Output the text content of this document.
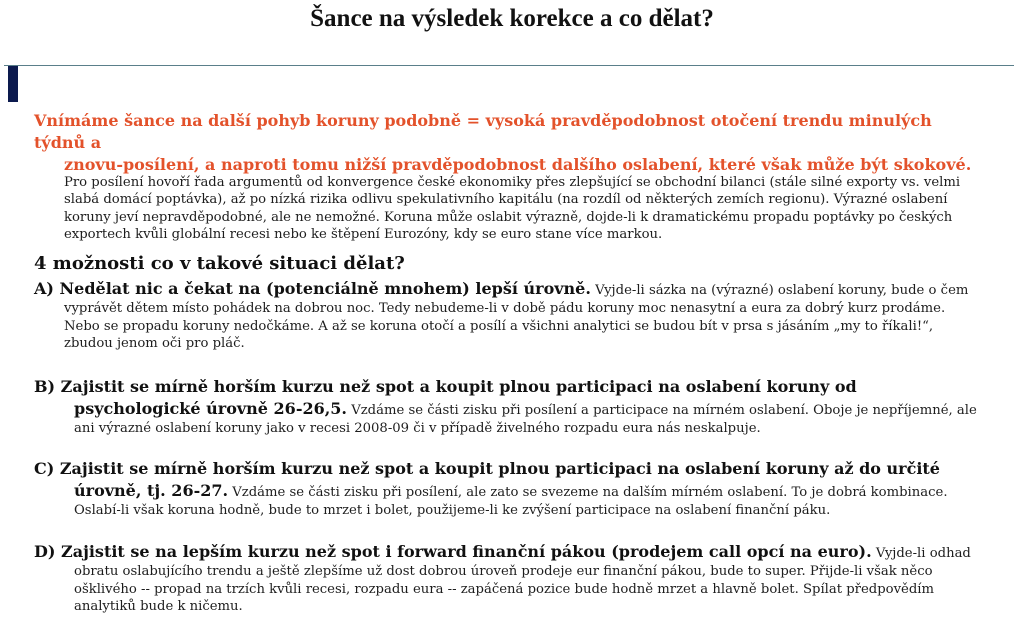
Šance na výsledek korekce a co dělat?
Vnímáme šance na další pohyb koruny podobně = vysoká pravděpodobnost otočení trendu minulých týdnů a
znovu-posílení, a naproti tomu nižší pravděpodobnost dalšího oslabení, které však může být skokové.
Pro posílení hovoří řada argumentů od konvergence české ekonomiky přes zlepšující se obchodní bilanci (stále silné exporty vs. velmi slabá domácí poptávka), až po nízká rizika odlivu spekulativního kapitálu (na rozdíl od některých zemích regionu). Výrazné oslabení koruny jeví nepravděpodobné, ale ne nemožné. Koruna může oslabit výrazně, dojde-li k dramatickému propadu poptávky po českých exportech kvůli globální recesi nebo ke štěpení Eurozóny, kdy se euro stane více markou.
4 možnosti co v takové situaci dělat?
A) Nedělat nic a čekat na (potenciálně mnohem) lepší úrovně. Vyjde-li sázka na (výrazné) oslabení koruny, bude o čem vyprávět dětem místo pohádek na dobrou noc. Tedy nebudeme-li v době pádu koruny moc nenasytní a eura za dobrý kurz prodáme. Nebo se propadu koruny nedočkáme. A až se koruna otočí a posílí a všichni analytici se budou bít v prsa s jásáním „my to říkali!“, zbudou jenom oči pro pláč.
B) Zajistit se mírně horším kurzu než spot a koupit plnou participaci na oslabení koruny od psychologické úrovně 26-26,5. Vzdáme se části zisku při posílení a participace na mírném oslabení. Oboje je nepříjemné, ale ani výrazné oslabení koruny jako v recesi 2008-09 či v případě živelného rozpadu eura nás neskalpuje.
C) Zajistit se mírně horším kurzu než spot a koupit plnou participaci na oslabení koruny až do určité úrovně, tj. 26-27. Vzdáme se části zisku při posílení, ale zato se svezeme na dalším mírném oslabení. To je dobrá kombinace. Oslabí-li však koruna hodně, bude to mrzet i bolet, použijeme-li ke zvýšení participace na oslabení finanční páku.
D) Zajistit se na lepším kurzu než spot i forward finanční pákou (prodejem call opcí na euro). Vyjde-li odhad obratu oslabujícího trendu a ještě zlepšíme už dost dobrou úroveň prodeje eur finanční pákou, bude to super. Přijde-li však něco ošklivého -- propad na trzích kvůli recesi, rozpadu eura -- zapáčená pozice bude hodně mrzet a hlavně bolet. Spílat předpovědím analytiků bude k ničemu.
